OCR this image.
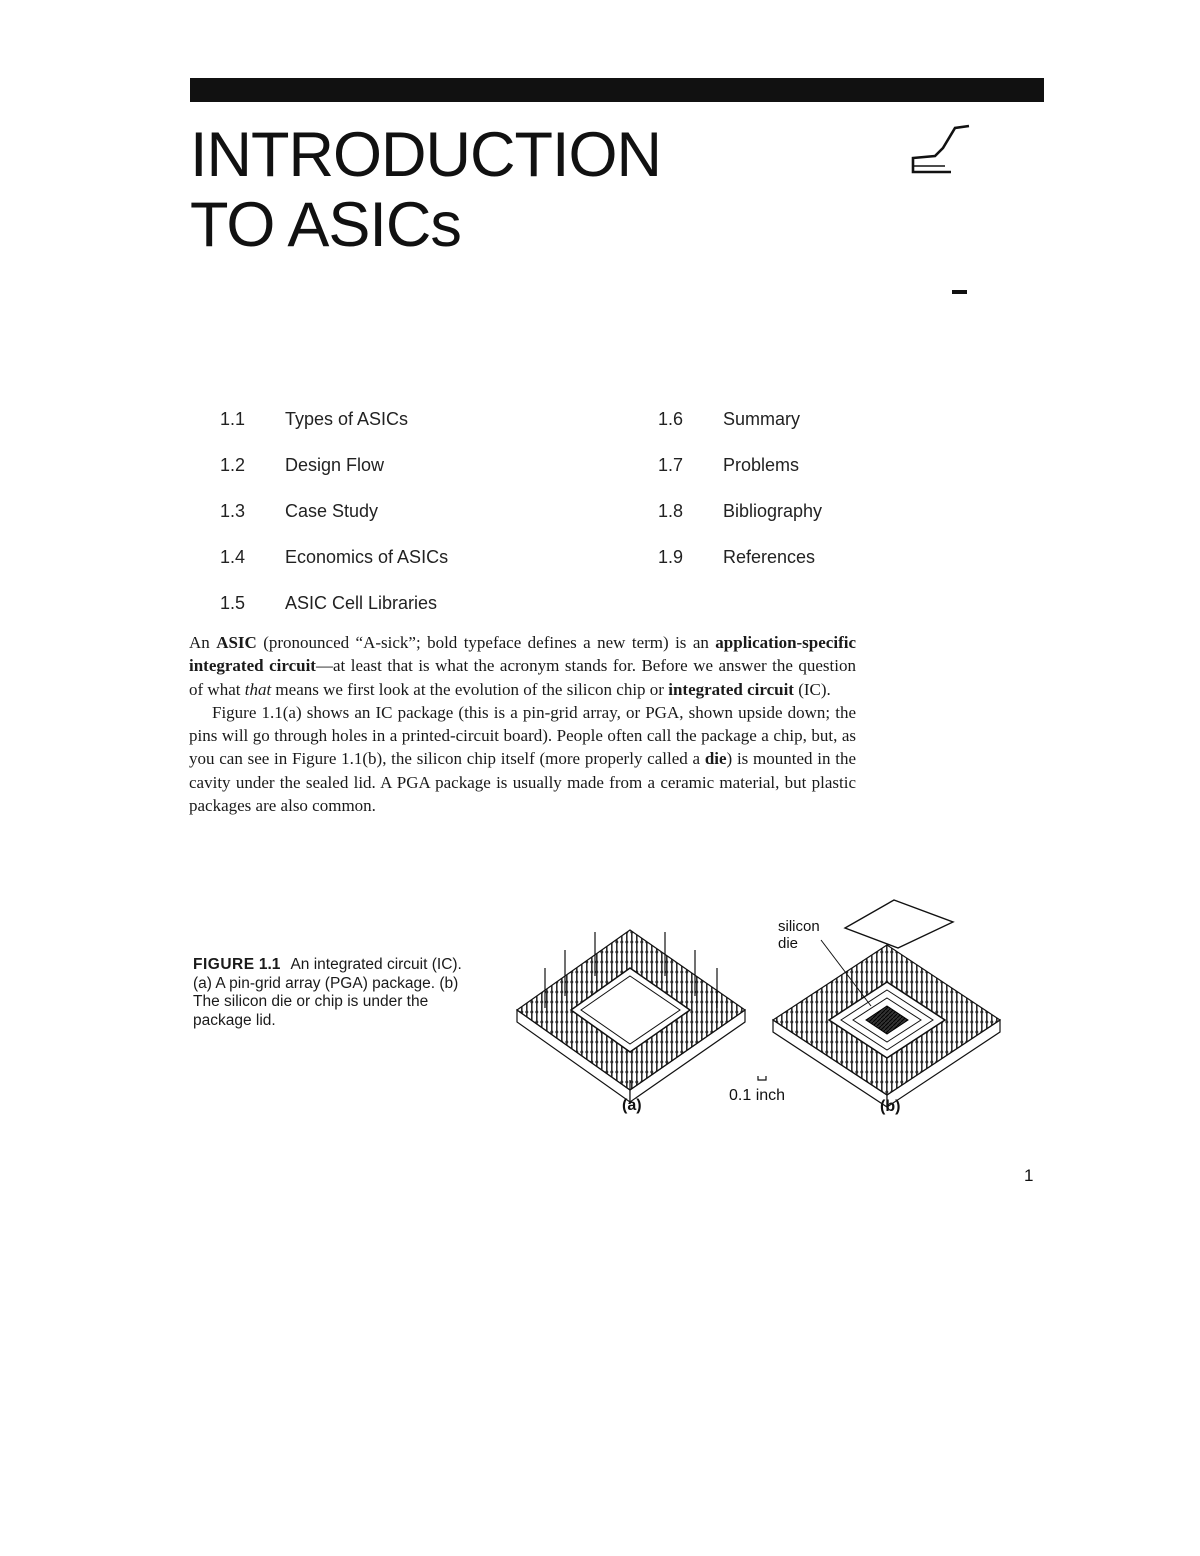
INTRODUCTION
TO ASICs
1.1	Types of ASICs
1.2	Design Flow
1.3	Case Study
1.4	Economics of ASICs
1.5	ASIC Cell Libraries
1.6	Summary
1.7	Problems
1.8	Bibliography
1.9	References

An ASIC (pronounced “A-sick”; bold typeface defines a new term) is an application-specific integrated circuit—at least that is what the acronym stands for. Before we answer the question of what that means we first look at the evolution of the silicon chip or integrated circuit (IC).

Figure 1.1(a) shows an IC package (this is a pin-grid array, or PGA, shown upside down; the pins will go through holes in a printed-circuit board). People often call the package a chip, but, as you can see in Figure 1.1(b), the silicon chip itself (more properly called a die) is mounted in the cavity under the sealed lid. A PGA package is usually made from a ceramic material, but plastic packages are also common.

FIGURE 1.1 An integrated circuit (IC). (a) A pin-grid array (PGA) package. (b) The silicon die or chip is under the package lid.

silicon
die
0.1 inch
(a)	(b)
1
